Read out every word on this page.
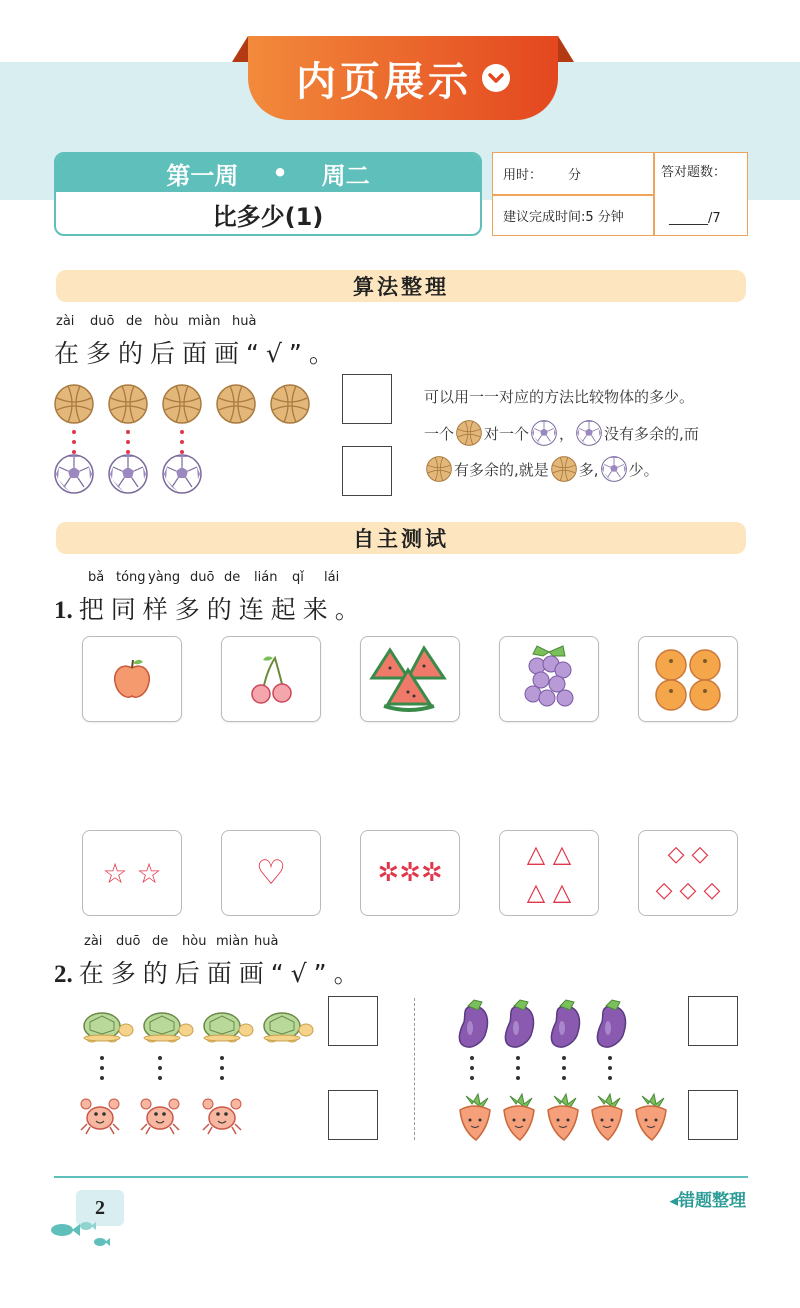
内页展示
第一周 • 周二
比多少(1)
用时： 分
建议完成时间:5 分钟
答对题数：
______/7
算法整理
zài duō de hòu miàn huà
在多的后面画“√”。
可以用一一对应的方法比较物体的多少。
一个 对一个 ， 没有多余的,而
有多余的,就是 多, 少。
自主测试
bǎ tóng yàng duō de lián qǐ lái
1. 把同样多的连起来。
☆ ☆	♡	✲✲✲
△ △
△ △
◇ ◇
◇ ◇ ◇
zài duō de hòu miàn huà
2. 在多的后面画“√”。
2	◂错题整理
